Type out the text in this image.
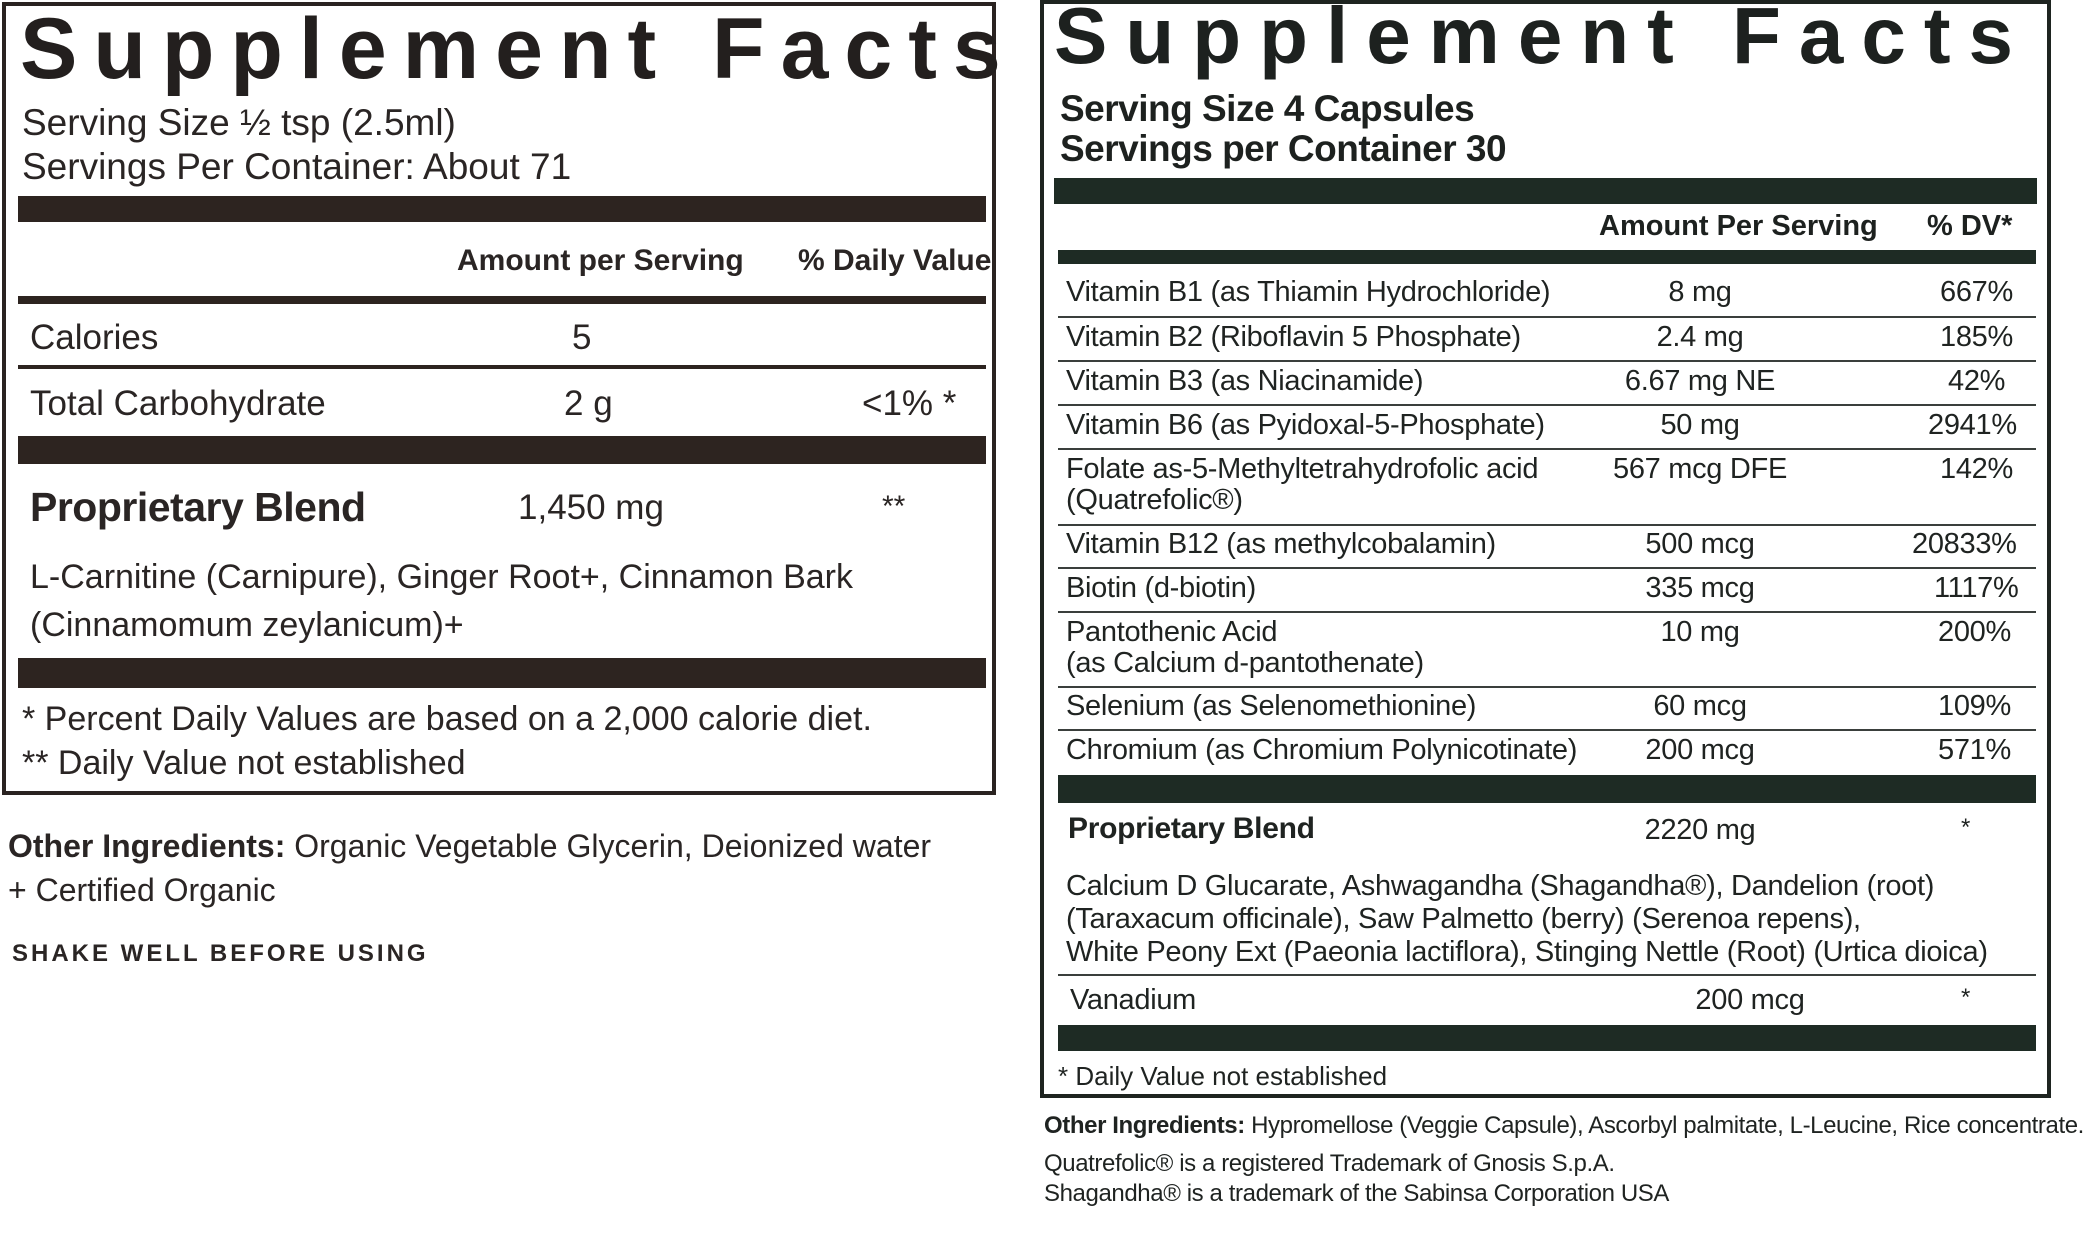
Supplement Facts
Serving Size ½ tsp (2.5ml)
Servings Per Container: About 71
Amount per Serving % Daily Value
Calories	5
Total Carbohydrate	2 g	<1% *
Proprietary Blend	1,450 mg	**
L-Carnitine (Carnipure), Ginger Root+, Cinnamon Bark
(Cinnamomum zeylanicum)+
* Percent Daily Values are based on a 2,000 calorie diet.
** Daily Value not established
Other Ingredients: Organic Vegetable Glycerin, Deionized water
+ Certified Organic
SHAKE WELL BEFORE USING
Supplement Facts
Serving Size 4 Capsules
Servings per Container 30
Amount Per Serving % DV*
Vitamin B1 (as Thiamin Hydrochloride)	8 mg	667%
Vitamin B2 (Riboflavin 5 Phosphate)	2.4 mg	185%
Vitamin B3 (as Niacinamide)	6.67 mg NE	42%
Vitamin B6 (as Pyidoxal-5-Phosphate)	50 mg	2941%
Folate as-5-Methyltetrahydrofolic acid
(Quatrefolic®)
567 mcg DFE	142%
Vitamin B12 (as methylcobalamin)	500 mcg	20833%
Biotin (d-biotin)	335 mcg	1117%
Pantothenic Acid
(as Calcium d-pantothenate)
10 mg	200%
Selenium (as Selenomethionine)	60 mcg	109%
Chromium (as Chromium Polynicotinate) 200 mcg	571%
Proprietary Blend	2220 mg	*
Calcium D Glucarate, Ashwagandha (Shagandha®), Dandelion (root)
(Taraxacum officinale), Saw Palmetto (berry) (Serenoa repens),
White Peony Ext (Paeonia lactiflora), Stinging Nettle (Root) (Urtica dioica)
Vanadium	200 mcg	*
* Daily Value not established
Other Ingredients: Hypromellose (Veggie Capsule), Ascorbyl palmitate, L-Leucine, Rice concentrate.
Quatrefolic® is a registered Trademark of Gnosis S.p.A.
Shagandha® is a trademark of the Sabinsa Corporation USA
